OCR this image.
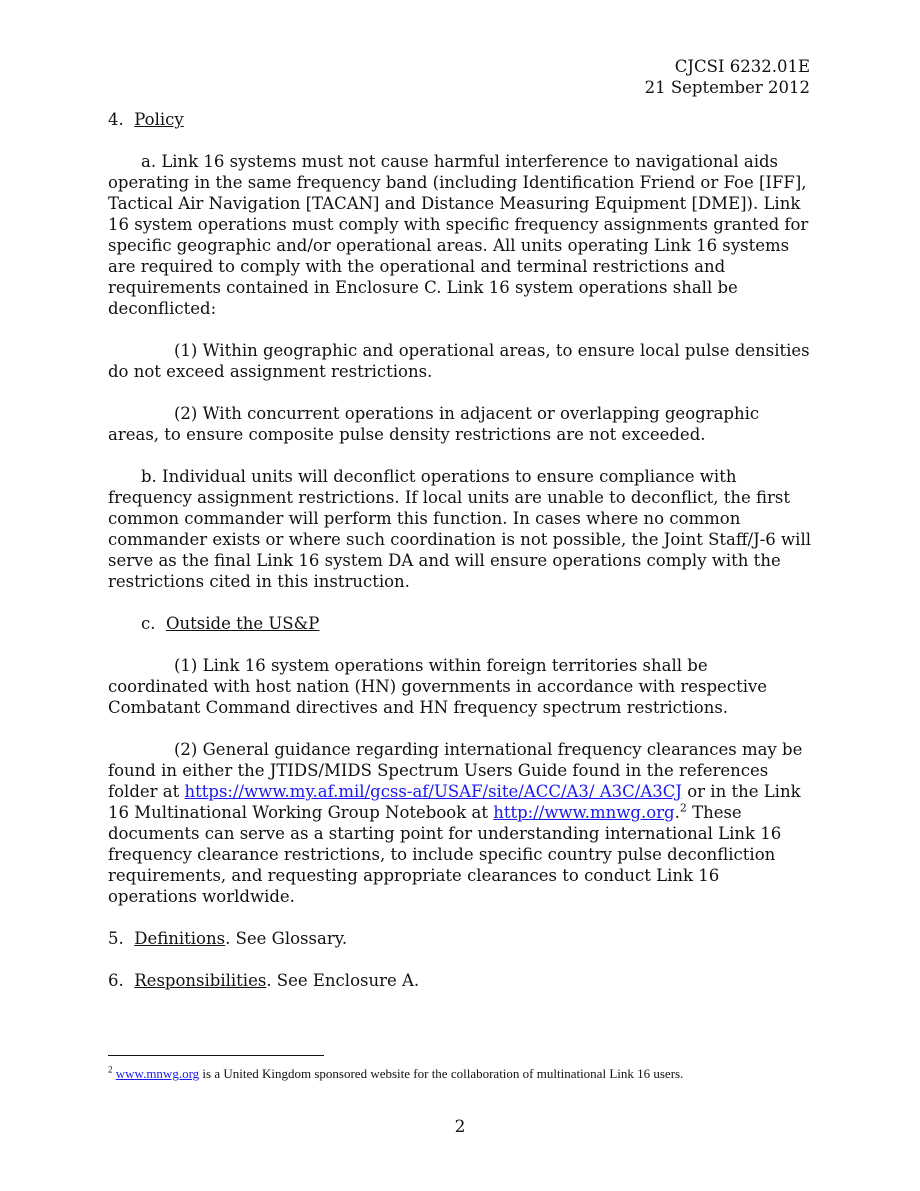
CJCSI 6232.01E
21 September 2012

4. Policy

a. Link 16 systems must not cause harmful interference to navigational aids operating in the same frequency band (including Identification Friend or Foe [IFF], Tactical Air Navigation [TACAN] and Distance Measuring Equipment [DME]). Link 16 system operations must comply with specific frequency assignments granted for specific geographic and/or operational areas. All units operating Link 16 systems are required to comply with the operational and terminal restrictions and requirements contained in Enclosure C. Link 16 system operations shall be deconflicted:

(1) Within geographic and operational areas, to ensure local pulse densities do not exceed assignment restrictions.

(2) With concurrent operations in adjacent or overlapping geographic areas, to ensure composite pulse density restrictions are not exceeded.

b. Individual units will deconflict operations to ensure compliance with frequency assignment restrictions. If local units are unable to deconflict, the first common commander will perform this function. In cases where no common commander exists or where such coordination is not possible, the Joint Staff/J-6 will serve as the final Link 16 system DA and will ensure operations comply with the restrictions cited in this instruction.

c. Outside the US&P

(1) Link 16 system operations within foreign territories shall be coordinated with host nation (HN) governments in accordance with respective Combatant Command directives and HN frequency spectrum restrictions.

(2) General guidance regarding international frequency clearances may be found in either the JTIDS/MIDS Spectrum Users Guide found in the references folder at https://www.my.af.mil/gcss-af/USAF/site/ACC/A3/ A3C/A3CJ or in the Link 16 Multinational Working Group Notebook at http://www.mnwg.org.$^2$ These documents can serve as a starting point for understanding international Link 16 frequency clearance restrictions, to include specific country pulse deconfliction requirements, and requesting appropriate clearances to conduct Link 16 operations worldwide.

5. Definitions. See Glossary.

6. Responsibilities. See Enclosure A.

$^2$ www.mnwg.org is a United Kingdom sponsored website for the collaboration of multinational Link 16 users.
2
